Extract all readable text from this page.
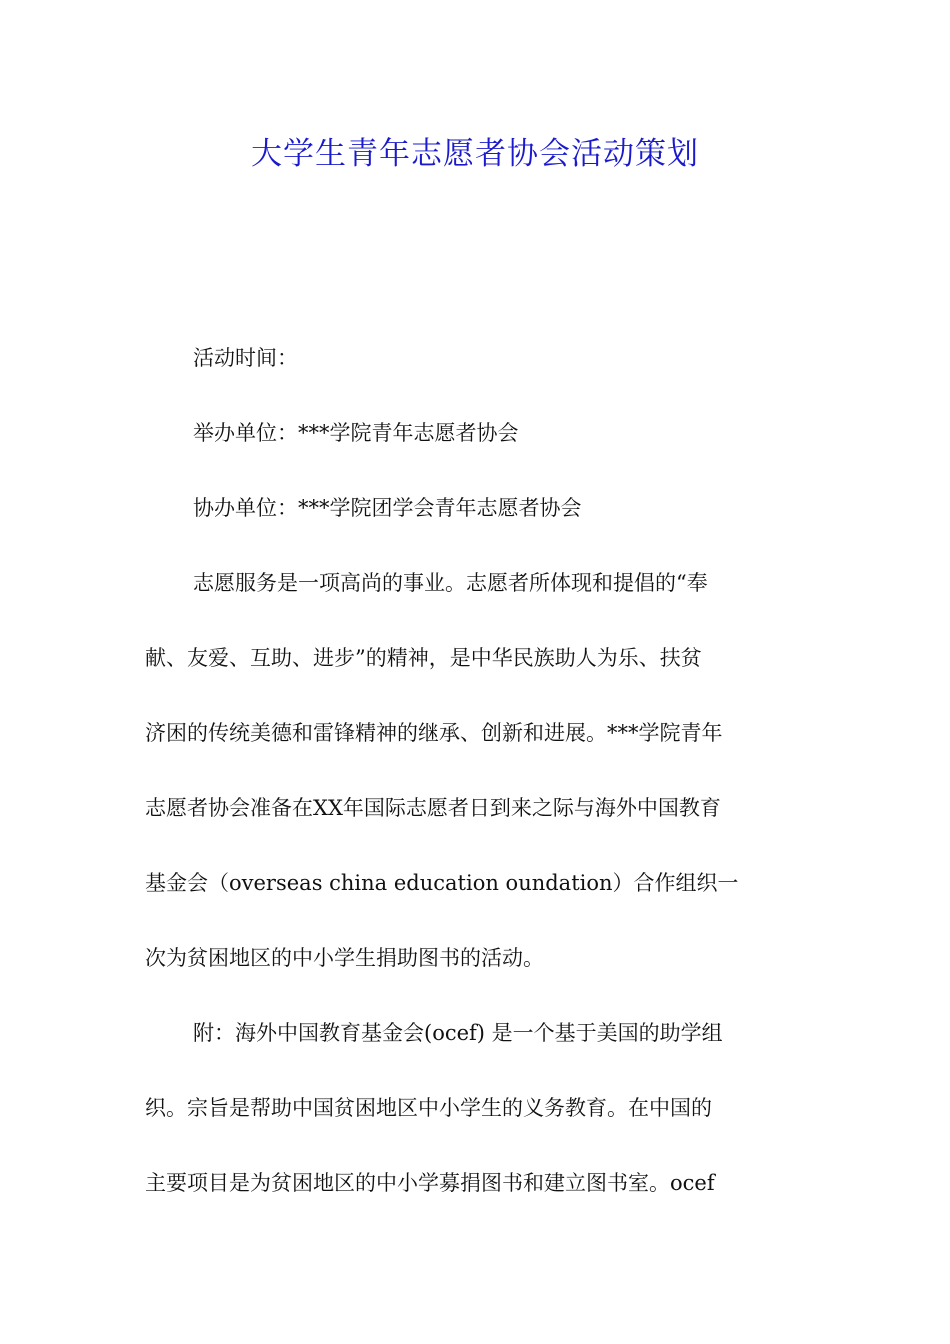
大学生青年志愿者协会活动策划
活动时间：
举办单位：***学院青年志愿者协会
协办单位：***学院团学会青年志愿者协会
志愿服务是一项高尚的事业。志愿者所体现和提倡的“奉
献、友爱、互助、进步”的精神，是中华民族助人为乐、扶贫
济困的传统美德和雷锋精神的继承、创新和进展。***学院青年
志愿者协会准备在XX年国际志愿者日到来之际与海外中国教育
基金会（overseas china education oundation）合作组织一
次为贫困地区的中小学生捐助图书的活动。
附：海外中国教育基金会(ocef) 是一个基于美国的助学组
织。宗旨是帮助中国贫困地区中小学生的义务教育。在中国的
主要项目是为贫困地区的中小学募捐图书和建立图书室。ocef
